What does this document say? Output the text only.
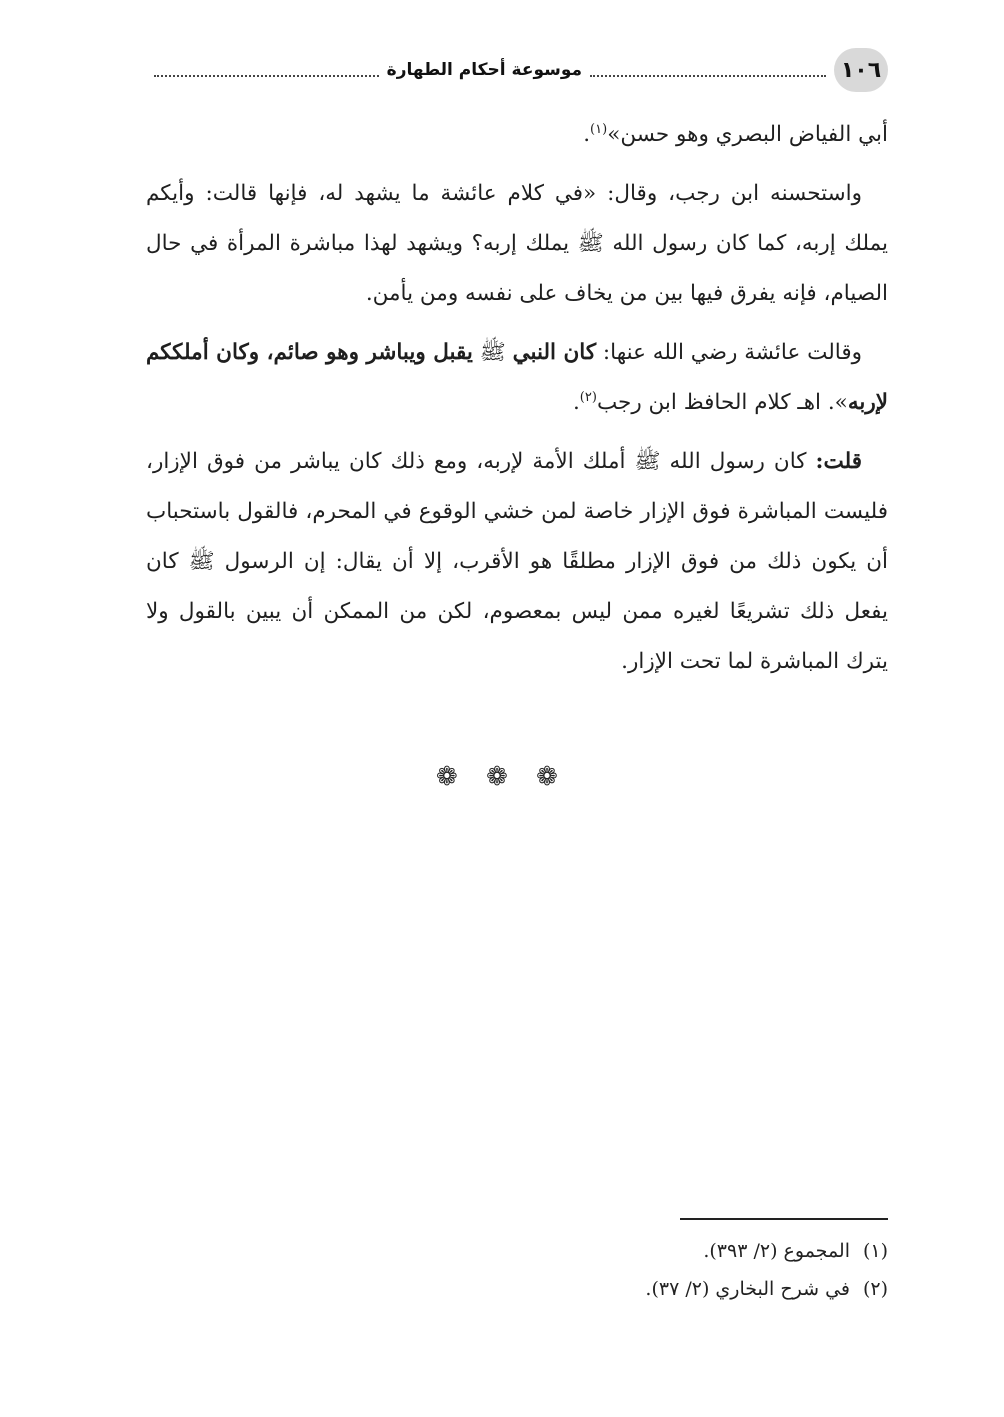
١٠٦
موسوعة أحكام الطهارة

أبي الفياض البصري وهو حسن»$^{(١)}$.

واستحسنه ابن رجب، وقال: «في كلام عائشة ما يشهد له، فإنها قالت: وأيكم يملك إربه، كما كان رسول الله ﷺ يملك إربه؟ ويشهد لهذا مباشرة المرأة في حال الصيام، فإنه يفرق فيها بين من يخاف على نفسه ومن يأمن.

وقالت عائشة رضي الله عنها: كان النبي ﷺ يقبل ويباشر وهو صائم، وكان أملككم لإربه». اهـ كلام الحافظ ابن رجب$^{(٢)}$.

قلت: كان رسول الله ﷺ أملك الأمة لإربه، ومع ذلك كان يباشر من فوق الإزار، فليست المباشرة فوق الإزار خاصة لمن خشي الوقوع في المحرم، فالقول باستحباب أن يكون ذلك من فوق الإزار مطلقًا هو الأقرب، إلا أن يقال: إن الرسول ﷺ كان يفعل ذلك تشريعًا لغيره ممن ليس بمعصوم، لكن من الممكن أن يبين بالقول ولا يترك المباشرة لما تحت الإزار.

❁ ❁ ❁
(١)المجموع (٢/ ٣٩٣).
(٢)في شرح البخاري (٢/ ٣٧).
